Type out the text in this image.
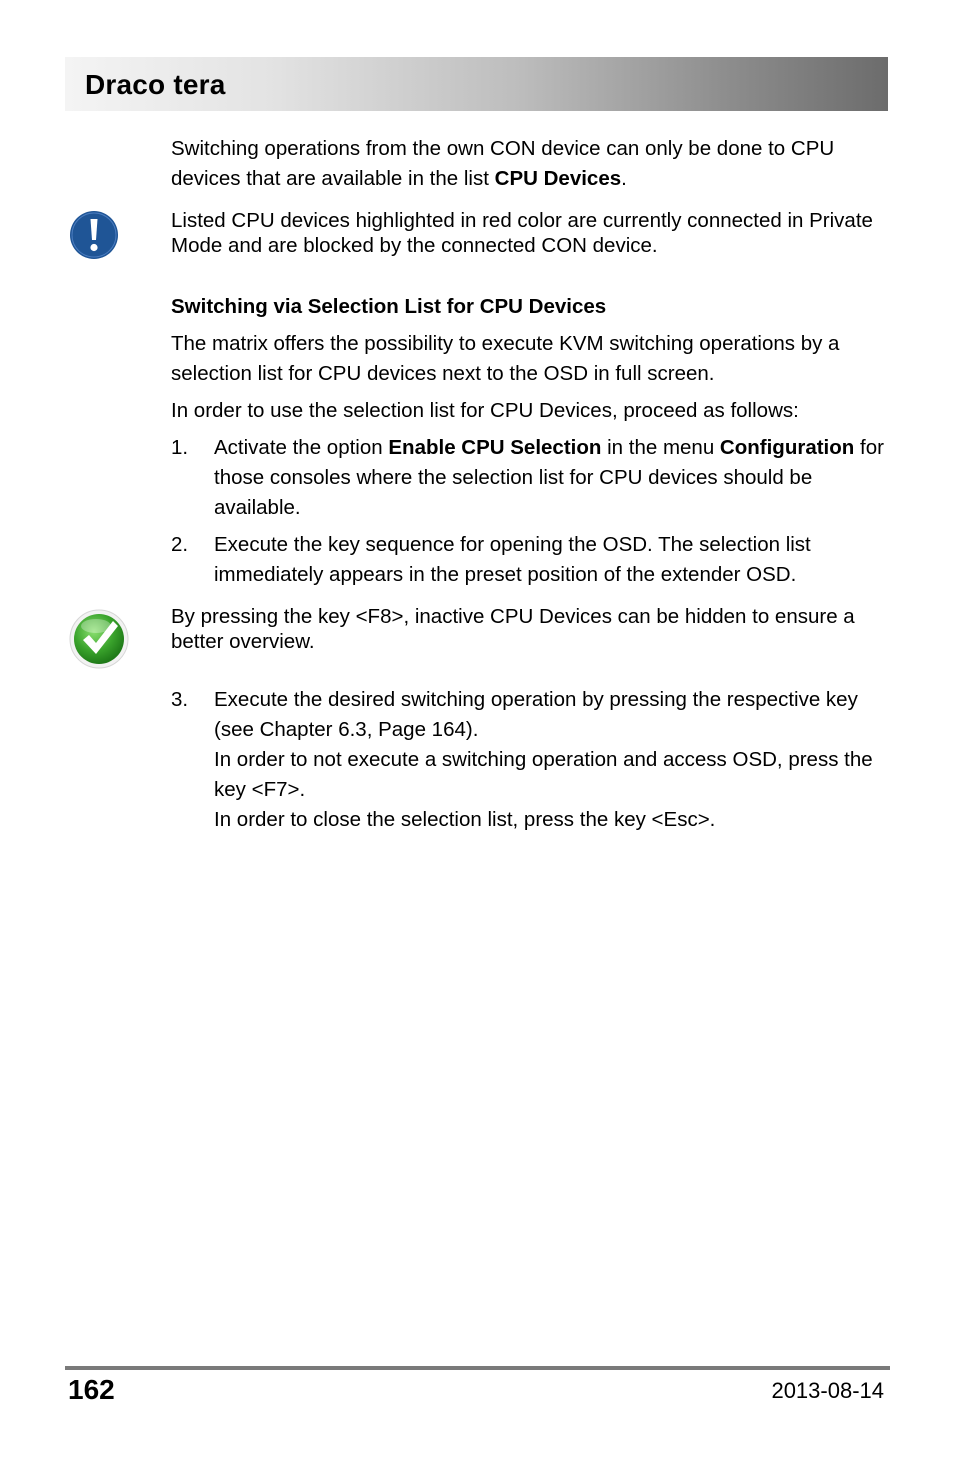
Draco tera

Switching operations from the own CON device can only be done to CPU devices that are available in the list CPU Devices.

Listed CPU devices highlighted in red color are currently connected in Private Mode and are blocked by the connected CON device.

Switching via Selection List for CPU Devices

The matrix offers the possibility to execute KVM switching operations by a selection list for CPU devices next to the OSD in full screen.

In order to use the selection list for CPU Devices, proceed as follows:

1. Activate the option Enable CPU Selection in the menu Configuration for those consoles where the selection list for CPU devices should be available.
2. Execute the key sequence for opening the OSD. The selection list immediately appears in the preset position of the extender OSD.

By pressing the key <F8>, inactive CPU Devices can be hidden to ensure a better overview.

3. Execute the desired switching operation by pressing the respective key (see Chapter 6.3, Page 164).
In order to not execute a switching operation and access OSD, press the key <F7>.
In order to close the selection list, press the key <Esc>.
162	2013-08-14
